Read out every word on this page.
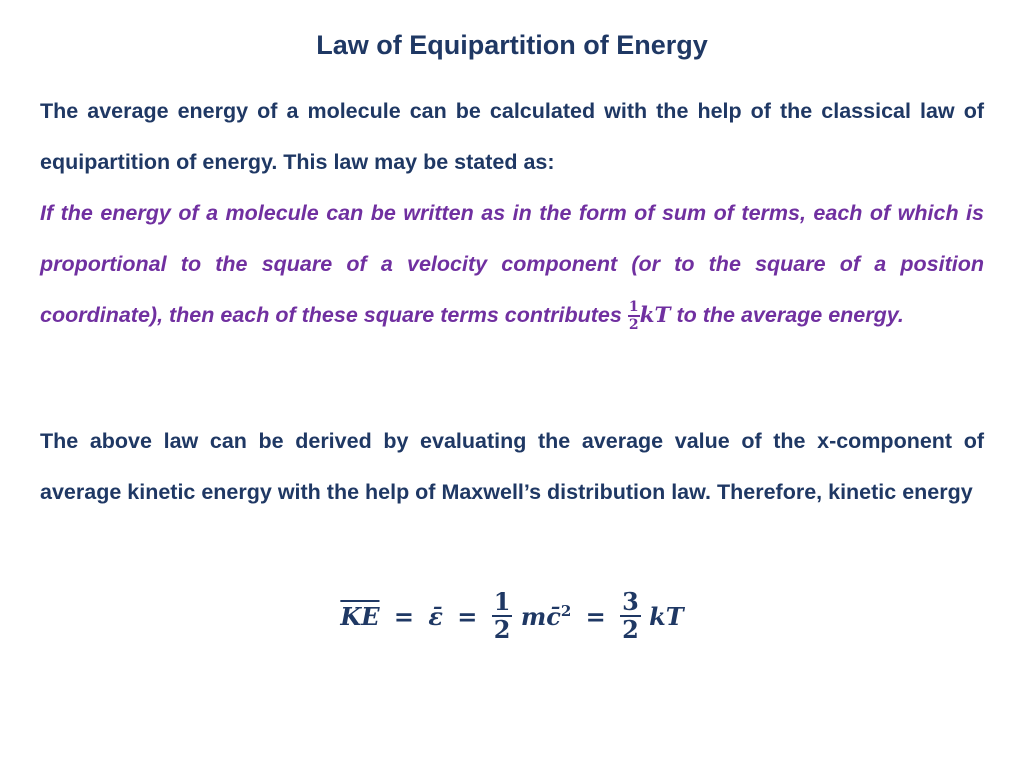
Law of Equipartition of Energy
The average energy of a molecule can be calculated with the help of the classical law of equipartition of energy. This law may be stated as:
If the energy of a molecule can be written as in the form of sum of terms, each of which is proportional to the square of a velocity component (or to the square of a position coordinate), then each of these square terms contributes $\frac{1}{2}$ kT to the average energy.
The above law can be derived by evaluating the average value of the x-component of average kinetic energy with the help of Maxwell’s distribution law. Therefore, kinetic energy
$\overline{KE}$ = ε̄ = $\frac{1}{2}$ mc̄$^2$ = $\frac{3}{2}$ kT
